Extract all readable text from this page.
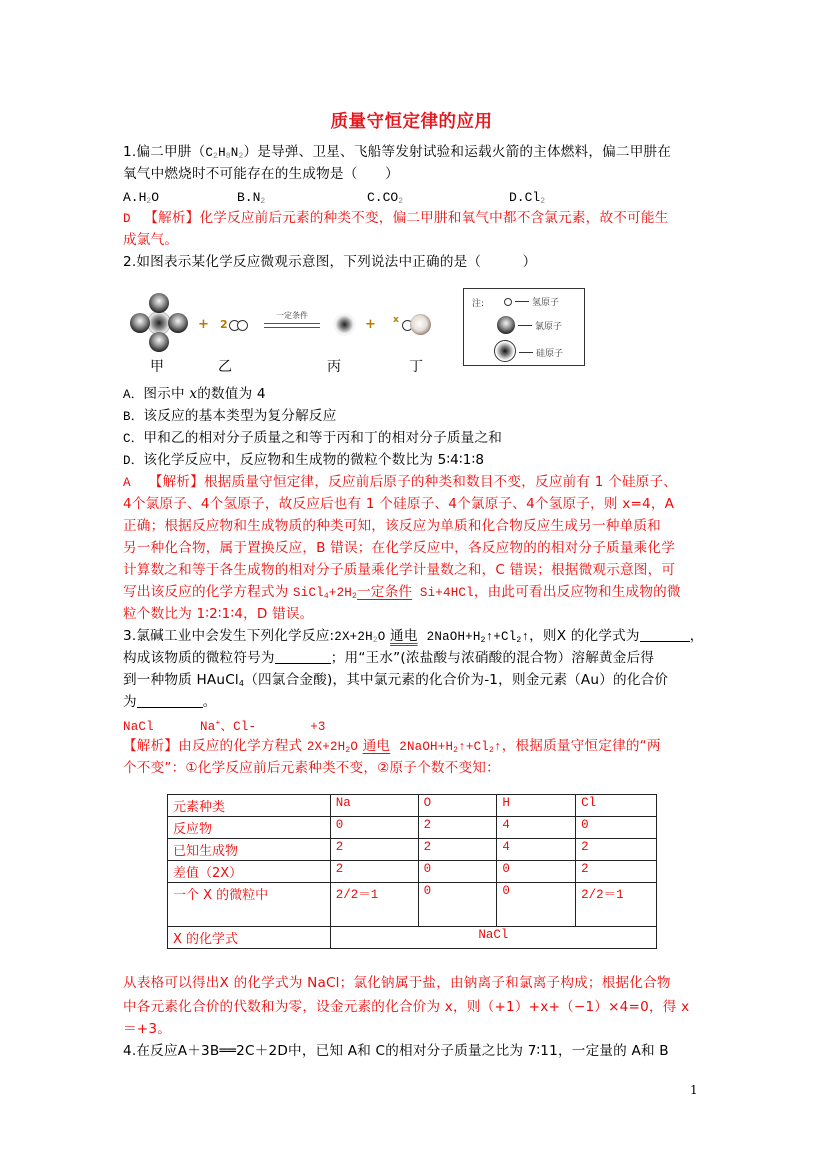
质量守恒定律的应用
1.偏二甲肼$(C_2H_8N_2)$是导弹、卫星、飞船等发射试验和运载火箭的主体燃料，偏二甲肼在
氧气中燃烧时不可能存在的生成物是（　　）
$A.H_2O$	$B.N_2$	$C.CO_2$	$D.Cl_2$
D 【解析】化学反应前后元素的种类不变，偏二甲肼和氧气中都不含氯元素，故不可能生
成氯气。
2.如图表示某化学反应微观示意图，下列说法中正确的是（　　　）
+ 2
一定条件
+ x
甲	乙	丙	丁
注:	氢原子
氯原子
硅原子
A．图示中 x的数值为 4
B．该反应的基本类型为复分解反应
C．甲和乙的相对分子质量之和等于丙和丁的相对分子质量之和
D．该化学反应中，反应物和生成物的微粒个数比为 5∶4∶1∶8
A 【解析】根据质量守恒定律，反应前后原子的种类和数目不变，反应前有 1 个硅原子、
4个氯原子、4个氢原子，故反应后也有 1 个硅原子、4个氯原子、4个氢原子，则 x=4，A
正确；根据反应物和生成物质的种类可知，该反应为单质和化合物反应生成另一种单质和
另一种化合物，属于置换反应，B 错误；在化学反应中，各反应物的的相对分子质量乘化学
计算数之和等于各生成物的相对分子质量乘化学计量数之和，C 错误；根据微观示意图，可
写出该反应的化学方程式为 $SiCl_4+2H_2$一定条件 Si+4HCl，由此可看出反应物和生成物的微
粒个数比为 1∶2∶1∶4，D 错误。
3.氯碱工业中会发生下列化学反应$:2X+2H_2O$ 通电 $2NaOH+H_2↑+Cl_2↑$，则X 的化学式为	，
构成该物质的微粒符号为	；用“王水”(浓盐酸与浓硝酸的混合物）溶解黄金后得
到一种物质 HAuCl$_4$（四氯合金酸)，其中氯元素的化合价为-1，则金元素（Au）的化合价
为	。
NaCl	Na+、Cl-	+3
【解析】由反应的化学方程式 $2X+2H_2O$ 通电 $2NaOH+H_2↑+Cl_2↑$，根据质量守恒定律的“两
个不变”：①化学反应前后元素种类不变，②原子个数不变知：
元素种类	Na	O	H	Cl
反应物	0	2	4	0
已知生成物	2	2	4	2
差值（2X）	2	0	0	2
一个 X 的微粒中	2/2＝1	0	0	2/2＝1
X 的化学式	NaCl			
从表格可以得出X 的化学式为 NaCl；氯化钠属于盐，由钠离子和氯离子构成；根据化合物
中各元素化合价的代数和为零，设金元素的化合价为 x，则（+1）+x+（−1）×4=0，得 x
＝+3。
4.在反应A＋3B══2C＋2D中，已知 A和 C的相对分子质量之比为 7∶11，一定量的 A和 B
1
